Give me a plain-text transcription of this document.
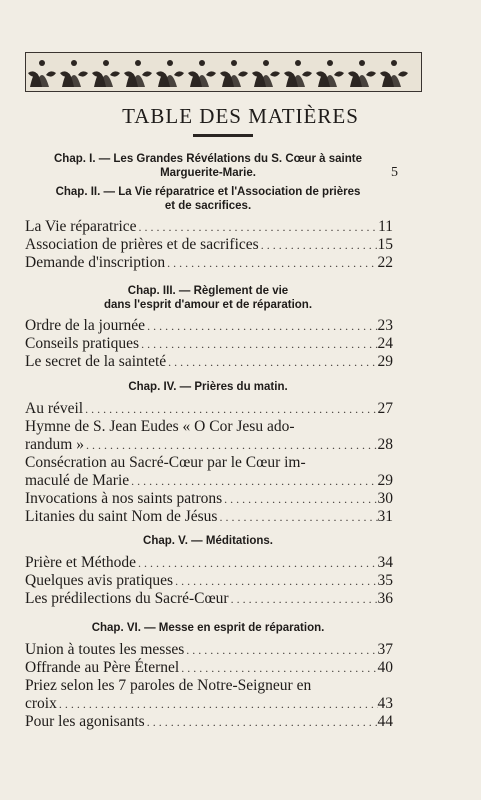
TABLE DES MATIÈRES
Chap. I. — Les Grandes Révélations du S. Cœur à sainte
Marguerite-Marie.	5
Chap. II. — La Vie réparatrice et l'Association de prières
et de sacrifices.
La Vie réparatrice . . .	11
Association de prières et de sacrifices . . .	15
Demande d'inscription . . .	22
Chap. III. — Règlement de vie
dans l'esprit d'amour et de réparation.
Ordre de la journée . . .	23
Conseils pratiques . . .	24
Le secret de la sainteté . . .	29
Chap. IV. — Prières du matin.
Au réveil . . .	27
Hymne de S. Jean Eudes « O Cor Jesu ado-
randum » . . .	28
Consécration au Sacré-Cœur par le Cœur im-
maculé de Marie . . .	29
Invocations à nos saints patrons . . .	30
Litanies du saint Nom de Jésus . . .	31
Chap. V. — Méditations.
Prière et Méthode . . .	34
Quelques avis pratiques . . .	35
Les prédilections du Sacré-Cœur . . .	36
Chap. VI. — Messe en esprit de réparation.
Union à toutes les messes . . .	37
Offrande au Père Éternel . . .	40
Priez selon les 7 paroles de Notre-Seigneur en
croix . . .	43
Pour les agonisants . . .	44
